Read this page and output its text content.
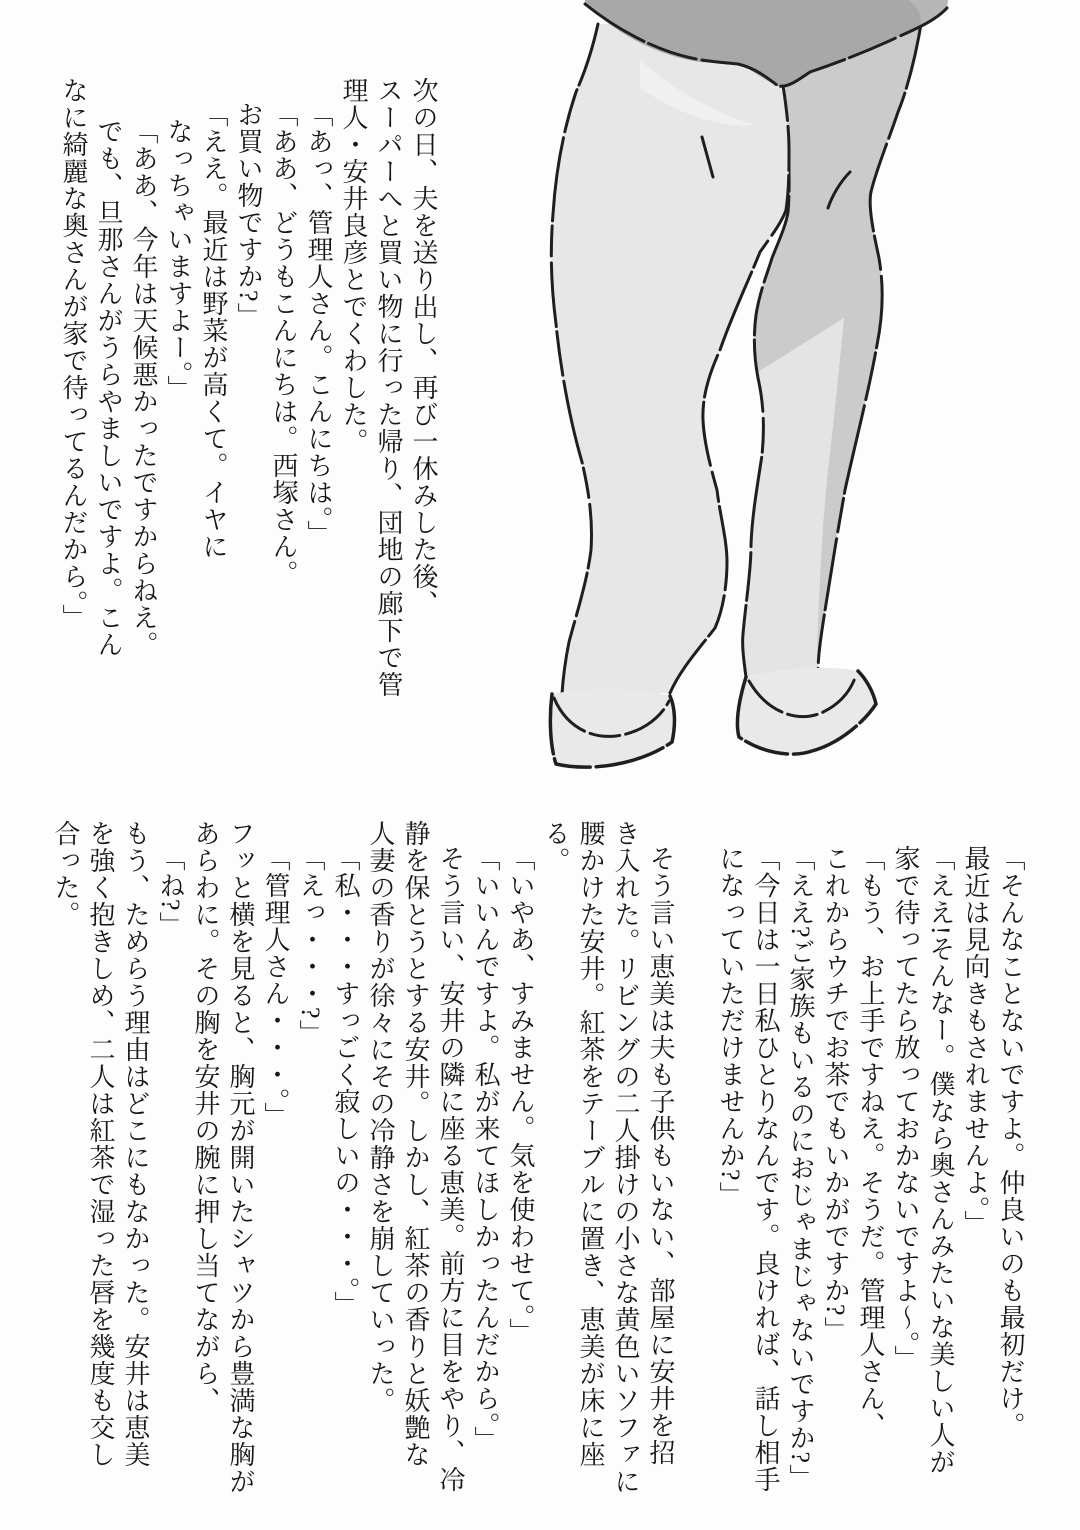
次の日、夫を送り出し、再び一休みした後、
スーパーへと買い物に行った帰り、団地の廊下で管
理人・安井良彦とでくわした。
「あっ、管理人さん。こんにちは。」
「ああ、どうもこんにちは。西塚さん。
お買い物ですか?」
「ええ。最近は野菜が高くて。イヤに
なっちゃいますよー。」
「ああ、今年は天候悪かったですからねえ。
でも、旦那さんがうらやましいですよ。こん
なに綺麗な奥さんが家で待ってるんだから。」
「そんなことないですよ。仲良いのも最初だけ。
最近は見向きもされませんよ。」
「ええ!そんなー。僕なら奥さんみたいな美しい人が
家で待ってたら放っておかないですよ〜。」
「もう、お上手ですねえ。そうだ。管理人さん、
これからウチでお茶でもいかがですか?」
「ええ?ご家族もいるのにおじゃまじゃないですか?」
「今日は一日私ひとりなんです。良ければ、話し相手
になっていただけませんか?」
そう言い恵美は夫も子供もいない、部屋に安井を招
き入れた。リビングの二人掛けの小さな黄色いソファに
腰かけた安井。紅茶をテーブルに置き、恵美が床に座
る。
「いやあ、すみません。気を使わせて。」
「いいんですよ。私が来てほしかったんだから。」
そう言い、安井の隣に座る恵美。前方に目をやり、冷
静を保とうとする安井。しかし、紅茶の香りと妖艶な
人妻の香りが徐々にその冷静さを崩していった。
「私・・・すっごく寂しいの・・・。」
「えっ・・・?」
「管理人さん・・・。」
フッと横を見ると、胸元が開いたシャツから豊満な胸が
あらわに。その胸を安井の腕に押し当てながら、
「ね?」
もう、ためらう理由はどこにもなかった。安井は恵美
を強く抱きしめ、二人は紅茶で湿った唇を幾度も交し
合った。
